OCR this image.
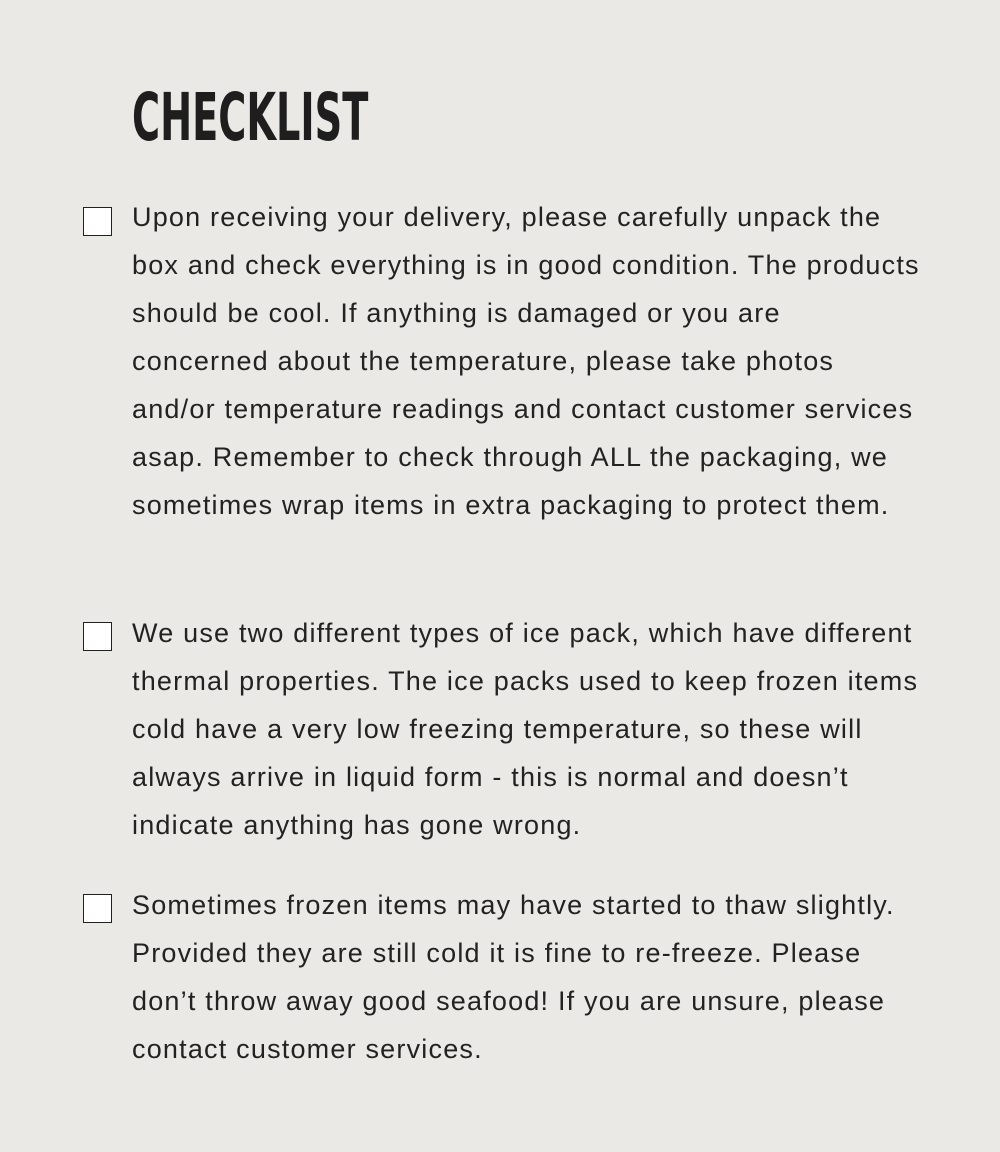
CHECKLIST

Upon receiving your delivery, please carefully unpack the box and check everything is in good condition. The products should be cool. If anything is damaged or you are concerned about the temperature, please take photos and/or temperature readings and contact customer services asap. Remember to check through ALL the packaging, we sometimes wrap items in extra packaging to protect them.

We use two different types of ice pack, which have different thermal properties. The ice packs used to keep frozen items cold have a very low freezing temperature, so these will always arrive in liquid form - this is normal and doesn’t indicate anything has gone wrong.

Sometimes frozen items may have started to thaw slightly. Provided they are still cold it is fine to re-freeze. Please don’t throw away good seafood! If you are unsure, please contact customer services.
